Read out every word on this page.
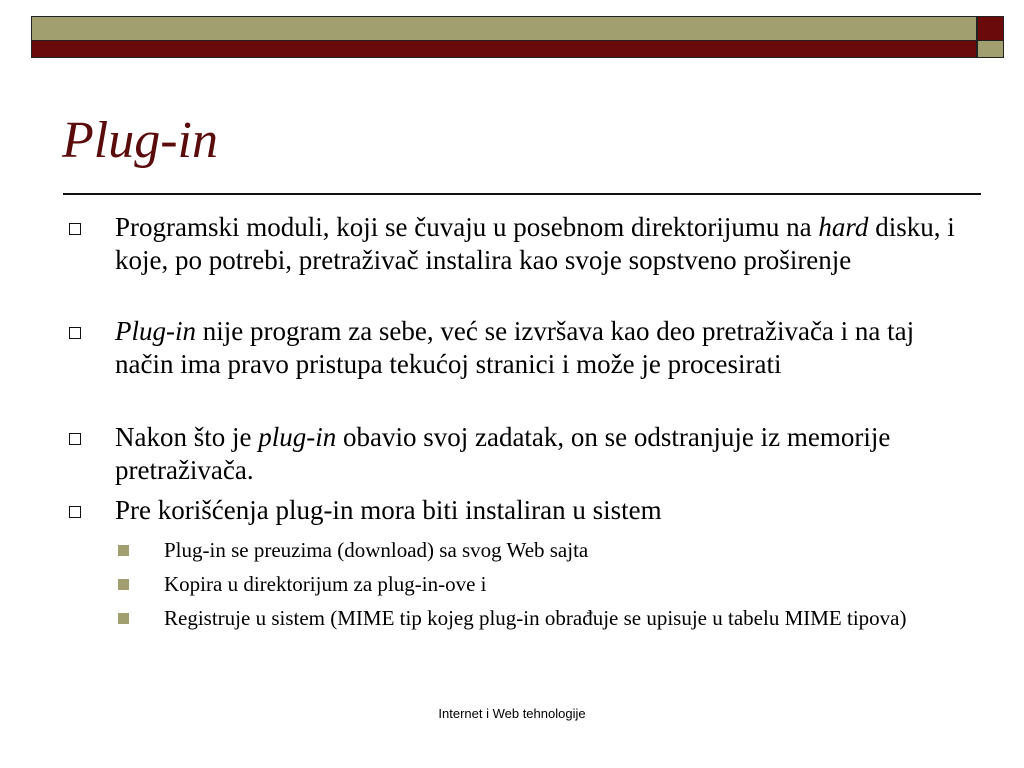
Plug-in
Programski moduli, koji se čuvaju u posebnom direktorijumu na hard disku, i koje, po potrebi, pretraživač instalira kao svoje sopstveno proširenje
Plug-in nije program za sebe, već se izvršava kao deo pretraživača i na taj način ima pravo pristupa tekućoj stranici i može je procesirati
Nakon što je plug-in obavio svoj zadatak, on se odstranjuje iz memorije pretraživača.
Pre korišćenja plug-in mora biti instaliran u sistem
Plug-in se preuzima (download) sa svog Web sajta
Kopira u direktorijum za plug-in-ove i
Registruje u sistem (MIME tip kojeg plug-in obrađuje se upisuje u tabelu MIME tipova)
Internet i Web tehnologije
